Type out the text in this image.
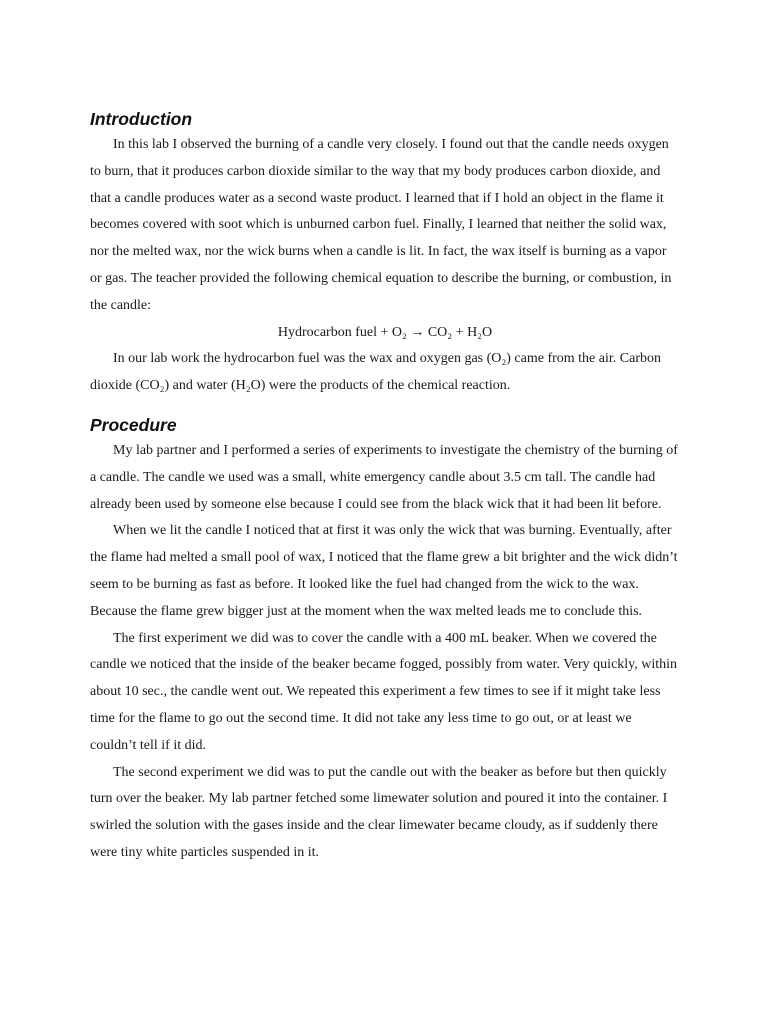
Introduction

In this lab I observed the burning of a candle very closely. I found out that the candle needs oxygen to burn, that it produces carbon dioxide similar to the way that my body produces carbon dioxide, and that a candle produces water as a second waste product. I learned that if I hold an object in the flame it becomes covered with soot which is unburned carbon fuel. Finally, I learned that neither the solid wax, nor the melted wax, nor the wick burns when a candle is lit. In fact, the wax itself is burning as a vapor or gas. The teacher provided the following chemical equation to describe the burning, or combustion, in the candle:

Hydrocarbon fuel + O₂ → CO₂ + H₂O

In our lab work the hydrocarbon fuel was the wax and oxygen gas (O₂) came from the air. Carbon dioxide (CO₂) and water (H₂O) were the products of the chemical reaction.

Procedure

My lab partner and I performed a series of experiments to investigate the chemistry of the burning of a candle. The candle we used was a small, white emergency candle about 3.5 cm tall. The candle had already been used by someone else because I could see from the black wick that it had been lit before.

When we lit the candle I noticed that at first it was only the wick that was burning. Eventually, after the flame had melted a small pool of wax, I noticed that the flame grew a bit brighter and the wick didn’t seem to be burning as fast as before. It looked like the fuel had changed from the wick to the wax. Because the flame grew bigger just at the moment when the wax melted leads me to conclude this.

The first experiment we did was to cover the candle with a 400 mL beaker. When we covered the candle we noticed that the inside of the beaker became fogged, possibly from water. Very quickly, within about 10 sec., the candle went out. We repeated this experiment a few times to see if it might take less time for the flame to go out the second time. It did not take any less time to go out, or at least we couldn’t tell if it did.

The second experiment we did was to put the candle out with the beaker as before but then quickly turn over the beaker. My lab partner fetched some limewater solution and poured it into the container. I swirled the solution with the gases inside and the clear limewater became cloudy, as if suddenly there were tiny white particles suspended in it.
